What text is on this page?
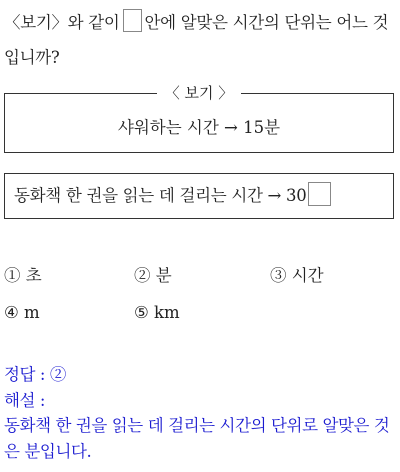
〈보기〉와 같이 안에 알맞은 시간의 단위는 어느 것입니까?
〈 보기 〉
샤워하는 시간 → 15분
동화책 한 권을 읽는 데 걸리는 시간 → 30
① 초	② 분	③ 시간
④ m	⑤ km
정답 : ②
해설 :
동화책 한 권을 읽는 데 걸리는 시간의 단위로 알맞은 것은 분입니다.
